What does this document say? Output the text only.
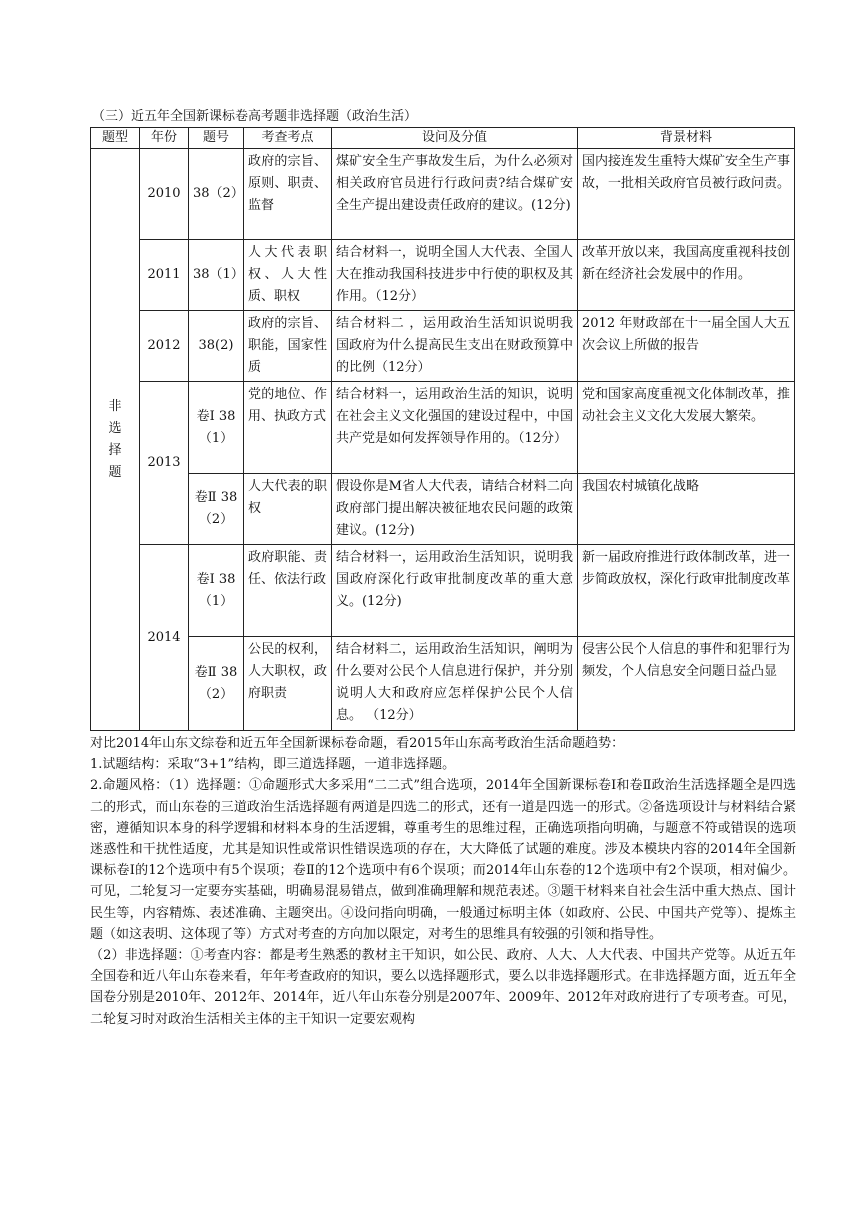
（三）近五年全国新课标卷高考题非选择题（政治生活）
题型	年份	题号	考查考点	设问及分值	背景材料

非
选
择
题	2010	38（2）	政府的宗旨、原则、职责、监督	煤矿安全生产事故发生后，为什么必须对相关政府官员进行行政问责?结合煤矿安全生产提出建设责任政府的建议。(12分)	国内接连发生重特大煤矿安全生产事故，一批相关政府官员被行政问责。
	2011	38（1）	人大代表职权、人大性质、职权	结合材料一，说明全国人大代表、全国人大在推动我国科技进步中行使的职权及其作用。（12分）	改革开放以来，我国高度重视科技创新在经济社会发展中的作用。
	2012	38(2)	政府的宗旨、职能，国家性质	结合材料二 ，运用政治生活知识说明我国政府为什么提高民生支出在财政预算中的比例（12分）	2012 年财政部在十一届全国人大五次会议上所做的报告
	2013	卷Ⅰ 38（1）	党的地位、作用、执政方式	结合材料一，运用政治生活的知识，说明在社会主义文化强国的建设过程中，中国共产党是如何发挥领导作用的。（12分）	党和国家高度重视文化体制改革，推动社会主义文化大发展大繁荣。
		卷Ⅱ 38（2）	人大代表的职权	假设你是M省人大代表，请结合材料二向政府部门提出解决被征地农民问题的政策建议。(12分)	我国农村城镇化战略
	2014	卷Ⅰ 38（1）	政府职能、责任、依法行政	结合材料一，运用政治生活知识，说明我国政府深化行政审批制度改革的重大意义。(12分)	新一届政府推进行政体制改革，进一步简政放权，深化行政审批制度改革
		卷Ⅱ 38（2）	公民的权利，人大职权，政府职责	结合材料二，运用政治生活知识，阐明为什么要对公民个人信息进行保护，并分别说明人大和政府应怎样保护公民个人信息。 （12分）	侵害公民个人信息的事件和犯罪行为频发，个人信息安全问题日益凸显

对比2014年山东文综卷和近五年全国新课标卷命题，看2015年山东高考政治生活命题趋势：

1.试题结构：采取“3+1”结构，即三道选择题，一道非选择题。

2.命题风格：（1）选择题：①命题形式大多采用“二二式”组合选项，2014年全国新课标卷Ⅰ和卷Ⅱ政治生活选择题全是四选二的形式，而山东卷的三道政治生活选择题有两道是四选二的形式，还有一道是四选一的形式。②备选项设计与材料结合紧密，遵循知识本身的科学逻辑和材料本身的生活逻辑，尊重考生的思维过程，正确选项指向明确，与题意不符或错误的选项迷惑性和干扰性适度，尤其是知识性或常识性错误选项的存在，大大降低了试题的难度。涉及本模块内容的2014年全国新课标卷Ⅰ的12个选项中有5个误项；卷Ⅱ的12个选项中有6个误项；而2014年山东卷的12个选项中有2个误项，相对偏少。可见，二轮复习一定要夯实基础，明确易混易错点，做到准确理解和规范表述。③题干材料来自社会生活中重大热点、国计民生等，内容精炼、表述准确、主题突出。④设问指向明确，一般通过标明主体（如政府、公民、中国共产党等）、提炼主题（如这表明、这体现了等）方式对考查的方向加以限定，对考生的思维具有较强的引领和指导性。

（2）非选择题：①考查内容：都是考生熟悉的教材主干知识，如公民、政府、人大、人大代表、中国共产党等。从近五年全国卷和近八年山东卷来看，年年考查政府的知识，要么以选择题形式，要么以非选择题形式。在非选择题方面，近五年全国卷分别是2010年、2012年、2014年，近八年山东卷分别是2007年、2009年、2012年对政府进行了专项考查。可见，二轮复习时对政治生活相关主体的主干知识一定要宏观构
